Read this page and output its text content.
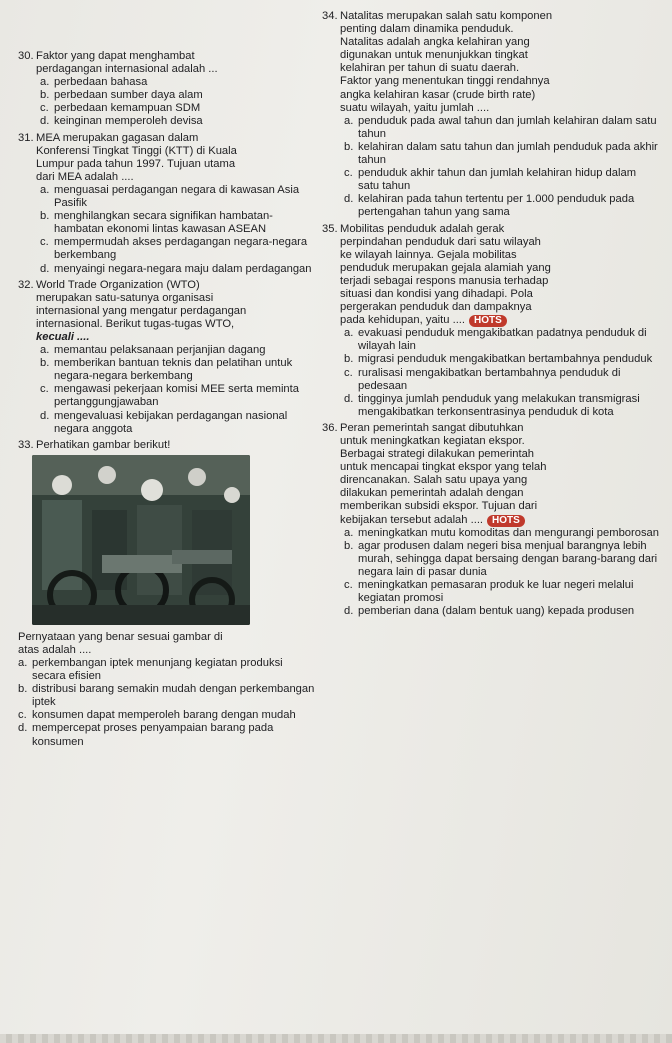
30. Faktor yang dapat menghambat
perdagangan internasional adalah ...
a. perbedaan bahasa
b. perbedaan sumber daya alam
c. perbedaan kemampuan SDM
d. keinginan memperoleh devisa
31. MEA merupakan gagasan dalam
Konferensi Tingkat Tinggi (KTT) di Kuala
Lumpur pada tahun 1997. Tujuan utama
dari MEA adalah ....
a. menguasai perdagangan negara di kawasan Asia Pasifik
b. menghilangkan secara signifikan hambatan-hambatan ekonomi lintas kawasan ASEAN
c. mempermudah akses perdagangan negara-negara berkembang
d. menyaingi negara-negara maju dalam perdagangan
32. World Trade Organization (WTO)
merupakan satu-satunya organisasi
internasional yang mengatur perdagangan
internasional. Berikut tugas-tugas WTO,
kecuali ....
a. memantau pelaksanaan perjanjian dagang
b. memberikan bantuan teknis dan pelatihan untuk negara-negara berkembang
c. mengawasi pekerjaan komisi MEE serta meminta pertanggungjawaban
d. mengevaluasi kebijakan perdagangan nasional negara anggota
33. Perhatikan gambar berikut!
Pernyataan yang benar sesuai gambar di
atas adalah ....
a. perkembangan iptek menunjang kegiatan produksi secara efisien
b. distribusi barang semakin mudah dengan perkembangan iptek
c. konsumen dapat memperoleh barang dengan mudah
d. mempercepat proses penyampaian barang pada konsumen
34. Natalitas merupakan salah satu komponen
penting dalam dinamika penduduk.
Natalitas adalah angka kelahiran yang
digunakan untuk menunjukkan tingkat
kelahiran per tahun di suatu daerah.
Faktor yang menentukan tinggi rendahnya
angka kelahiran kasar (crude birth rate)
suatu wilayah, yaitu jumlah ....
a. penduduk pada awal tahun dan jumlah kelahiran dalam satu tahun
b. kelahiran dalam satu tahun dan jumlah penduduk pada akhir tahun
c. penduduk akhir tahun dan jumlah kelahiran hidup dalam satu tahun
d. kelahiran pada tahun tertentu per 1.000 penduduk pada pertengahan tahun yang sama
35. Mobilitas penduduk adalah gerak
perpindahan penduduk dari satu wilayah
ke wilayah lainnya. Gejala mobilitas
penduduk merupakan gejala alamiah yang
terjadi sebagai respons manusia terhadap
situasi dan kondisi yang dihadapi. Pola
pergerakan penduduk dan dampaknya
pada kehidupan, yaitu .... HOTS
a. evakuasi penduduk mengakibatkan padatnya penduduk di wilayah lain
b. migrasi penduduk mengakibatkan bertambahnya penduduk
c. ruralisasi mengakibatkan bertambahnya penduduk di pedesaan
d. tingginya jumlah penduduk yang melakukan transmigrasi mengakibatkan terkonsentrasinya penduduk di kota
36. Peran pemerintah sangat dibutuhkan
untuk meningkatkan kegiatan ekspor.
Berbagai strategi dilakukan pemerintah
untuk mencapai tingkat ekspor yang telah
direncanakan. Salah satu upaya yang
dilakukan pemerintah adalah dengan
memberikan subsidi ekspor. Tujuan dari
kebijakan tersebut adalah .... HOTS
a. meningkatkan mutu komoditas dan mengurangi pemborosan
b. agar produsen dalam negeri bisa menjual barangnya lebih murah, sehingga dapat bersaing dengan barang-barang dari negara lain di pasar dunia
c. meningkatkan pemasaran produk ke luar negeri melalui kegiatan promosi
d. pemberian dana (dalam bentuk uang) kepada produsen
